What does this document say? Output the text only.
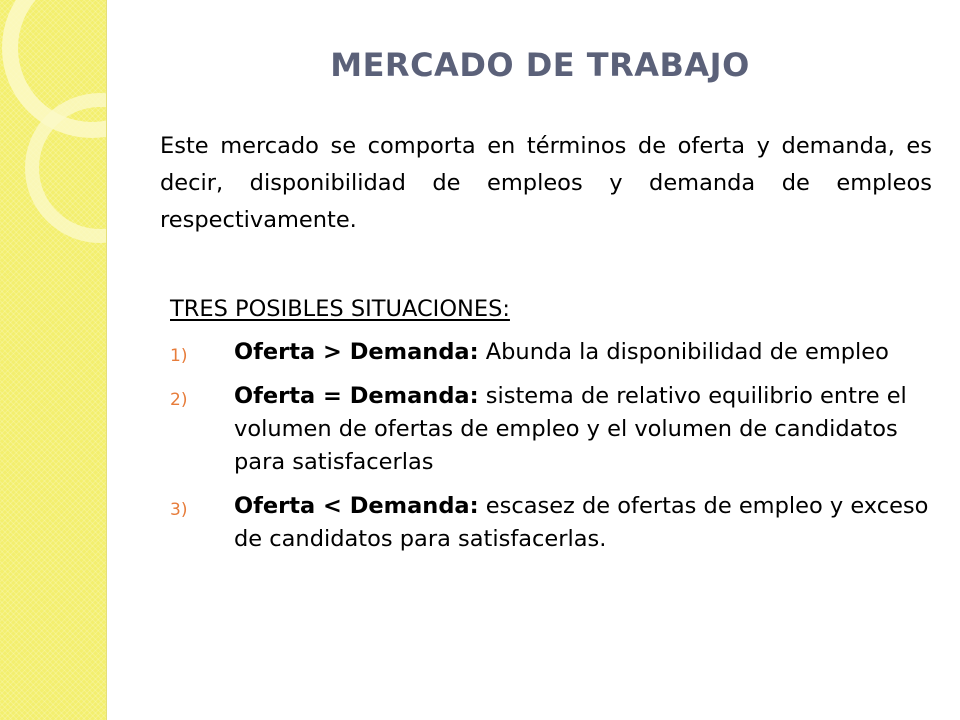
MERCADO DE TRABAJO

Este mercado se comporta en términos de oferta y demanda, es decir, disponibilidad de empleos y demanda de empleos respectivamente.

TRES POSIBLES SITUACIONES:

1) Oferta > Demanda: Abunda la disponibilidad de empleo
2) Oferta = Demanda: sistema de relativo equilibrio entre el volumen de ofertas de empleo y el volumen de candidatos para satisfacerlas
3) Oferta < Demanda: escasez de ofertas de empleo y exceso de candidatos para satisfacerlas.
